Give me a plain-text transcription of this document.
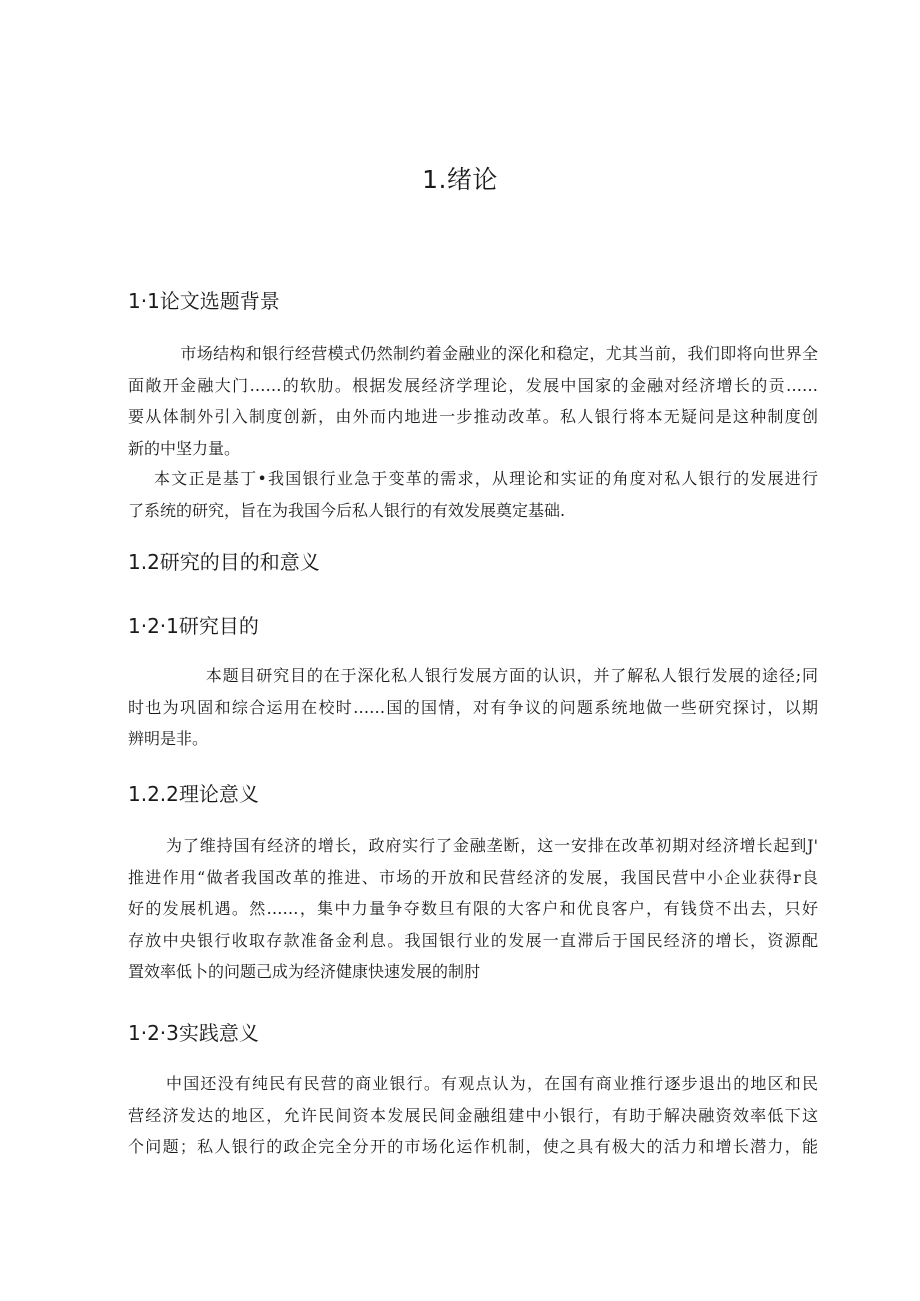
1.绪论
1·1论文选题背景
　市场结构和银行经营模式仍然制约着金融业的深化和稳定，尤其当前，我们即将向世界全
面敞开金融大门……的软肋。根据发展经济学理论，发展中国家的金融对经济增长的贡……
要从体制外引入制度创新，由外而内地进一步推动改革。私人银行将本无疑问是这种制度创
新的中坚力量。
本文正是基丁•我国银行业急于变革的需求，从理论和实证的角度对私人银行的发展进行
了系统的研究，旨在为我国今后私人银行的有效发展奠定基础.
1.2研究的目的和意义
1·2·1研究目的
　　本题目研究目的在于深化私人银行发展方面的认识，并了解私人银行发展的途径;同
时也为巩固和综合运用在校时……国的国情，对有争议的问题系统地做一些研究探讨，以期
辨明是非。
1.2.2理论意义
为了维持国有经济的增长，政府实行了金融垄断，这一安排在改革初期对经济增长起到J'
推进作用“做者我国改革的推进、市场的开放和民营经济的发展，我国民营中小企业获得r良
好的发展机遇。然……，集中力量争夺数旦有限的大客户和优良客户，有钱贷不出去，只好
存放中央银行收取存款准备金利息。我国银行业的发展一直滞后于国民经济的增长，资源配
置效率低卜的问题己成为经济健康快速发展的制肘
1·2·3实践意义
中国还没有纯民有民营的商业银行。有观点认为，在国有商业推行逐步退出的地区和民
营经济发达的地区，允许民间资本发展民间金融组建中小银行，有助于解决融资效率低下这
个问题；私人银行的政企完全分开的市场化运作机制，使之具有极大的活力和增长潜力，能
